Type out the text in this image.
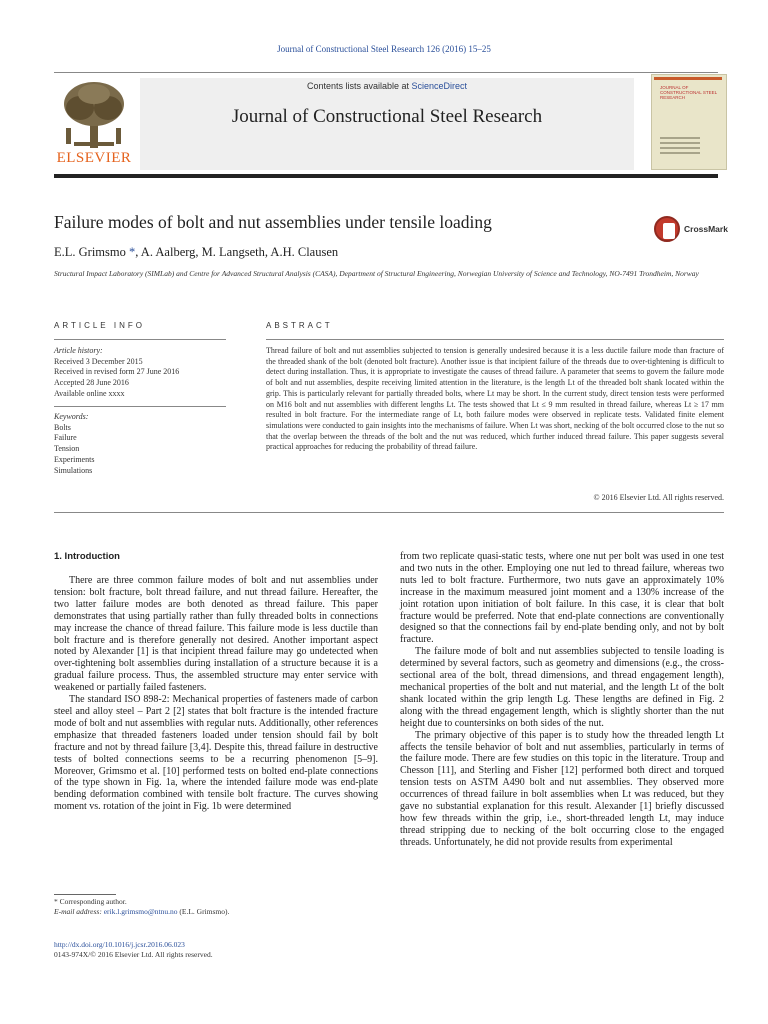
Journal of Constructional Steel Research 126 (2016) 15–25
ELSEVIER
Contents lists available at ScienceDirect
Journal of Constructional Steel Research
JOURNAL OF CONSTRUCTIONAL STEEL RESEARCH
Failure modes of bolt and nut assemblies under tensile loading	CrossMark
E.L. Grimsmo *, A. Aalberg, M. Langseth, A.H. Clausen
Structural Impact Laboratory (SIMLab) and Centre for Advanced Structural Analysis (CASA), Department of Structural Engineering, Norwegian University of Science and Technology, NO-7491 Trondheim, Norway
ARTICLE INFO
Article history:
Received 3 December 2015
Received in revised form 27 June 2016
Accepted 28 June 2016
Available online xxxx
Keywords:
Bolts
Failure
Tension
Experiments
Simulations
ABSTRACT
Thread failure of bolt and nut assemblies subjected to tension is generally undesired because it is a less ductile failure mode than fracture of the threaded shank of the bolt (denoted bolt fracture). Another issue is that incipient failure of the threads due to over-tightening is difficult to detect during installation. Thus, it is appropriate to investigate the causes of thread failure. A parameter that seems to govern the failure mode of bolt and nut assemblies, despite receiving limited attention in the literature, is the length Lt of the threaded bolt shank located within the grip. This is particularly relevant for partially threaded bolts, where Lt may be short. In the current study, direct tension tests were performed on M16 bolt and nut assemblies with different lengths Lt. The tests showed that Lt ≤ 9 mm resulted in thread failure, whereas Lt ≥ 17 mm resulted in bolt fracture. For the intermediate range of Lt, both failure modes were observed in replicate tests. Validated finite element simulations were conducted to gain insights into the mechanisms of failure. When Lt was short, necking of the bolt occurred close to the nut so that the overlap between the threads of the bolt and the nut was reduced, which further induced thread failure. This paper suggests several practical approaches for reducing the probability of thread failure.
© 2016 Elsevier Ltd. All rights reserved.
1. Introduction

There are three common failure modes of bolt and nut assemblies under tension: bolt fracture, bolt thread failure, and nut thread failure. Hereafter, the two latter failure modes are both denoted as thread failure. This paper demonstrates that using partially rather than fully threaded bolts in connections may increase the chance of thread failure. This failure mode is less ductile than bolt fracture and is therefore generally not desired. Another important aspect noted by Alexander [1] is that incipient thread failure may go undetected when over-tightening bolt assemblies during installation of a structure because it is a gradual failure process. Thus, the assembled structure may enter service with weakened or partially failed fasteners.

The standard ISO 898-2: Mechanical properties of fasteners made of carbon steel and alloy steel – Part 2 [2] states that bolt fracture is the intended fracture mode of bolt and nut assemblies with regular nuts. Additionally, other references emphasize that threaded fasteners loaded under tension should fail by bolt fracture and not by thread failure [3,4]. Despite this, thread failure in destructive tests of bolted connections seems to be a recurring phenomenon [5–9]. Moreover, Grimsmo et al. [10] performed tests on bolted end-plate connections of the type shown in Fig. 1a, where the intended failure mode was end-plate bending deformation combined with tensile bolt fracture. The curves showing moment vs. rotation of the joint in Fig. 1b were determined

from two replicate quasi-static tests, where one nut per bolt was used in one test and two nuts in the other. Employing one nut led to thread failure, whereas two nuts led to bolt fracture. Furthermore, two nuts gave an approximately 10% increase in the maximum measured joint moment and a 130% increase of the joint rotation upon initiation of bolt failure. In this case, it is clear that bolt fracture would be preferred. Note that end-plate connections are conventionally designed so that the connections fail by end-plate bending only, and not by bolt fracture.

The failure mode of bolt and nut assemblies subjected to tensile loading is determined by several factors, such as geometry and dimensions (e.g., the cross-sectional area of the bolt, thread dimensions, and thread engagement length), mechanical properties of the bolt and nut material, and the length Lt of the bolt shank located within the grip length Lg. These lengths are defined in Fig. 2 along with the thread engagement length, which is slightly shorter than the nut height due to countersinks on both sides of the nut.

The primary objective of this paper is to study how the threaded length Lt affects the tensile behavior of bolt and nut assemblies, particularly in terms of the failure mode. There are few studies on this topic in the literature. Troup and Chesson [11], and Sterling and Fisher [12] performed both direct and torqued tension tests on ASTM A490 bolt and nut assemblies. They observed more occurrences of thread failure in bolt assemblies when Lt was reduced, but they gave no substantial explanation for this result. Alexander [1] briefly discussed how few threads within the grip, i.e., short-threaded length Lt, may induce thread stripping due to necking of the bolt occurring close to the engaged threads. Unfortunately, he did not provide results from experimental

* Corresponding author.
E-mail address: erik.l.grimsmo@ntnu.no (E.L. Grimsmo).
http://dx.doi.org/10.1016/j.jcsr.2016.06.023
0143-974X/© 2016 Elsevier Ltd. All rights reserved.
